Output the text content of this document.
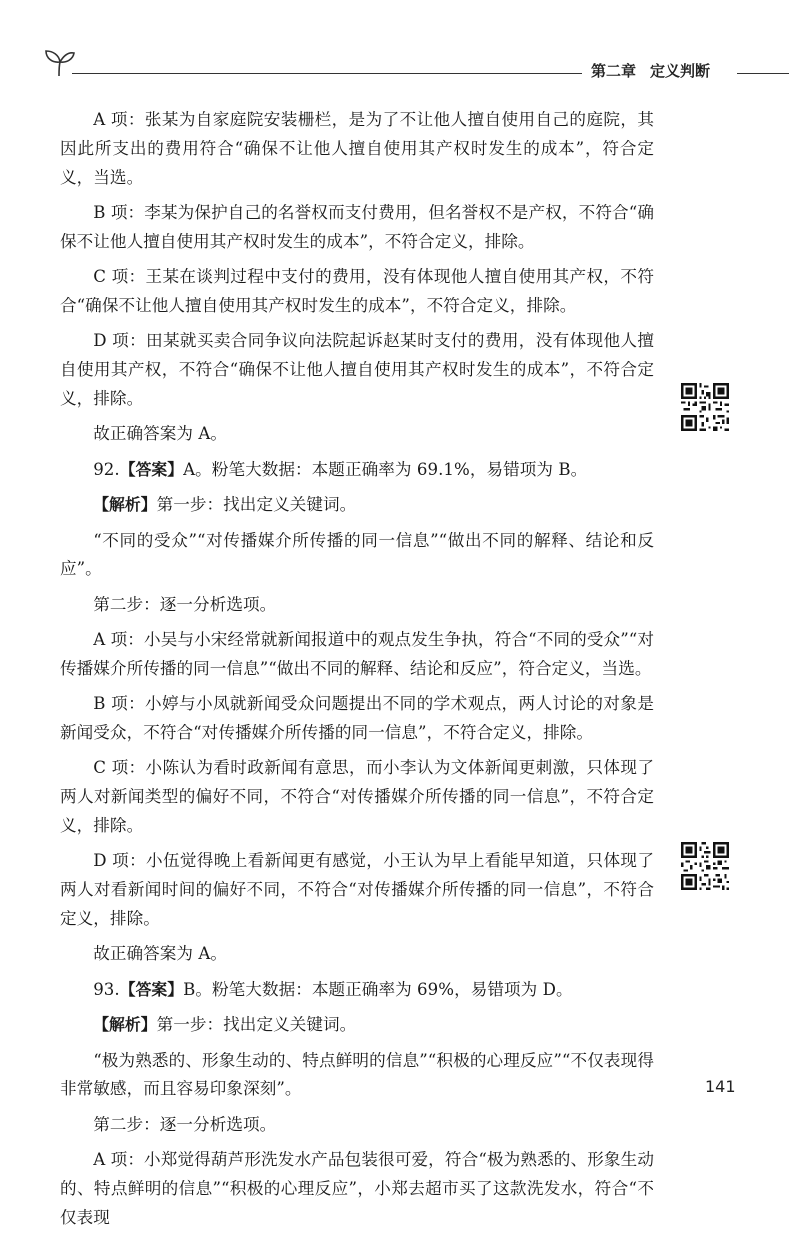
第二章 定义判断

A 项：张某为自家庭院安装栅栏，是为了不让他人擅自使用自己的庭院，其因此所支出的费用符合“确保不让他人擅自使用其产权时发生的成本”，符合定义，当选。

B 项：李某为保护自己的名誉权而支付费用，但名誉权不是产权，不符合“确保不让他人擅自使用其产权时发生的成本”，不符合定义，排除。

C 项：王某在谈判过程中支付的费用，没有体现他人擅自使用其产权，不符合“确保不让他人擅自使用其产权时发生的成本”，不符合定义，排除。

D 项：田某就买卖合同争议向法院起诉赵某时支付的费用，没有体现他人擅自使用其产权，不符合“确保不让他人擅自使用其产权时发生的成本”，不符合定义，排除。

故正确答案为 A。

92.【答案】A。粉笔大数据：本题正确率为 69.1%，易错项为 B。

【解析】第一步：找出定义关键词。

“不同的受众”“对传播媒介所传播的同一信息”“做出不同的解释、结论和反应”。

第二步：逐一分析选项。

A 项：小吴与小宋经常就新闻报道中的观点发生争执，符合“不同的受众”“对传播媒介所传播的同一信息”“做出不同的解释、结论和反应”，符合定义，当选。

B 项：小婷与小凤就新闻受众问题提出不同的学术观点，两人讨论的对象是新闻受众，不符合“对传播媒介所传播的同一信息”，不符合定义，排除。

C 项：小陈认为看时政新闻有意思，而小李认为文体新闻更刺激，只体现了两人对新闻类型的偏好不同，不符合“对传播媒介所传播的同一信息”，不符合定义，排除。

D 项：小伍觉得晚上看新闻更有感觉，小王认为早上看能早知道，只体现了两人对看新闻时间的偏好不同，不符合“对传播媒介所传播的同一信息”，不符合定义，排除。

故正确答案为 A。

93.【答案】B。粉笔大数据：本题正确率为 69%，易错项为 D。

【解析】第一步：找出定义关键词。

“极为熟悉的、形象生动的、特点鲜明的信息”“积极的心理反应”“不仅表现得非常敏感，而且容易印象深刻”。

第二步：逐一分析选项。

A 项：小郑觉得葫芦形洗发水产品包装很可爱，符合“极为熟悉的、形象生动的、特点鲜明的信息”“积极的心理反应”，小郑去超市买了这款洗发水，符合“不仅表现

141
